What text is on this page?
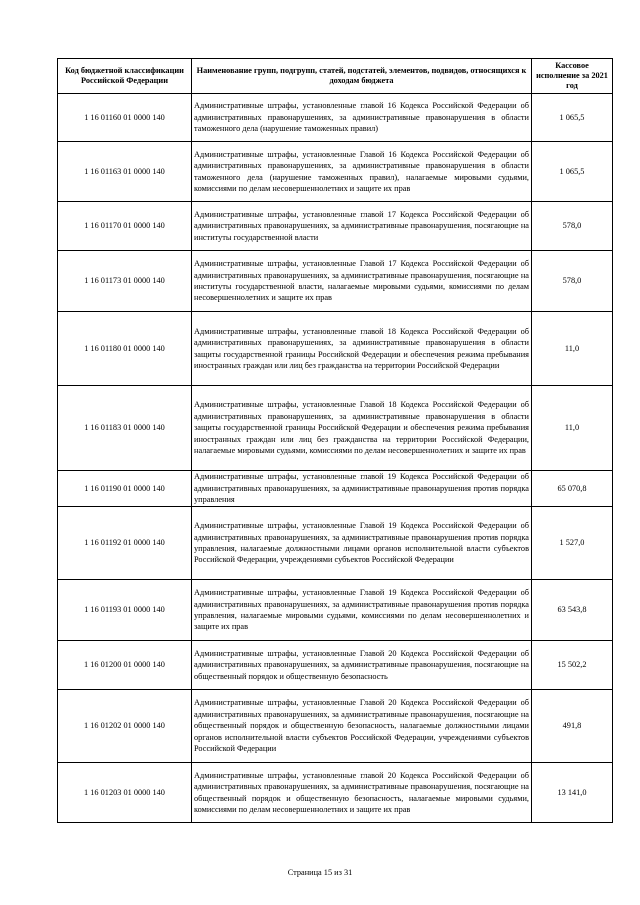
Код бюджетной классификации Российской Федерации	Наименование групп, подгрупп, статей, подстатей, элементов, подвидов, относящихся к доходам бюджета	Кассовое исполнение за 2021 год
1 16 01160 01 0000 140	Административные штрафы, установленные главой 16 Кодекса Российской Федерации об административных правонарушениях, за административные правонарушения в области таможенного дела (нарушение таможенных правил)	1 065,5
1 16 01163 01 0000 140	Административные штрафы, установленные Главой 16 Кодекса Российской Федерации об административных правонарушениях, за административные правонарушения в области таможенного дела (нарушение таможенных правил), налагаемые мировыми судьями, комиссиями по делам несовершеннолетних и защите их прав	1 065,5
1 16 01170 01 0000 140	Административные штрафы, установленные главой 17 Кодекса Российской Федерации об административных правонарушениях, за административные правонарушения, посягающие на институты государственной власти	578,0
1 16 01173 01 0000 140	Административные штрафы, установленные Главой 17 Кодекса Российской Федерации об административных правонарушениях, за административные правонарушения, посягающие на институты государственной власти, налагаемые мировыми судьями, комиссиями по делам несовершеннолетних и защите их прав	578,0
1 16 01180 01 0000 140	Административные штрафы, установленные главой 18 Кодекса Российской Федерации об административных правонарушениях, за административные правонарушения в области защиты государственной границы Российской Федерации и обеспечения режима пребывания иностранных граждан или лиц без гражданства на территории Российской Федерации	11,0
1 16 01183 01 0000 140	Административные штрафы, установленные Главой 18 Кодекса Российской Федерации об административных правонарушениях, за административные правонарушения в области защиты государственной границы Российской Федерации и обеспечения режима пребывания иностранных граждан или лиц без гражданства на территории Российской Федерации, налагаемые мировыми судьями, комиссиями по делам несовершеннолетних и защите их прав	11,0
1 16 01190 01 0000 140	Административные штрафы, установленные главой 19 Кодекса Российской Федерации об административных правонарушениях, за административные правонарушения против порядка управления	65 070,8
1 16 01192 01 0000 140	Административные штрафы, установленные Главой 19 Кодекса Российской Федерации об административных правонарушениях, за административные правонарушения против порядка управления, налагаемые должностными лицами органов исполнительной власти субъектов Российской Федерации, учреждениями субъектов Российской Федерации	1 527,0
1 16 01193 01 0000 140	Административные штрафы, установленные Главой 19 Кодекса Российской Федерации об административных правонарушениях, за административные правонарушения против порядка управления, налагаемые мировыми судьями, комиссиями по делам несовершеннолетних и защите их прав	63 543,8
1 16 01200 01 0000 140	Административные штрафы, установленные Главой 20 Кодекса Российской Федерации об административных правонарушениях, за административные правонарушения, посягающие на общественный порядок и общественную безопасность	15 502,2
1 16 01202 01 0000 140	Административные штрафы, установленные Главой 20 Кодекса Российской Федерации об административных правонарушениях, за административные правонарушения, посягающие на общественный порядок и общественную безопасность, налагаемые должностными лицами органов исполнительной власти субъектов Российской Федерации, учреждениями субъектов Российской Федерации	491,8
1 16 01203 01 0000 140	Административные штрафы, установленные главой 20 Кодекса Российской Федерации об административных правонарушениях, за административные правонарушения, посягающие на общественный порядок и общественную безопасность, налагаемые мировыми судьями, комиссиями по делам несовершеннолетних и защите их прав	13 141,0
Страница 15 из 31
